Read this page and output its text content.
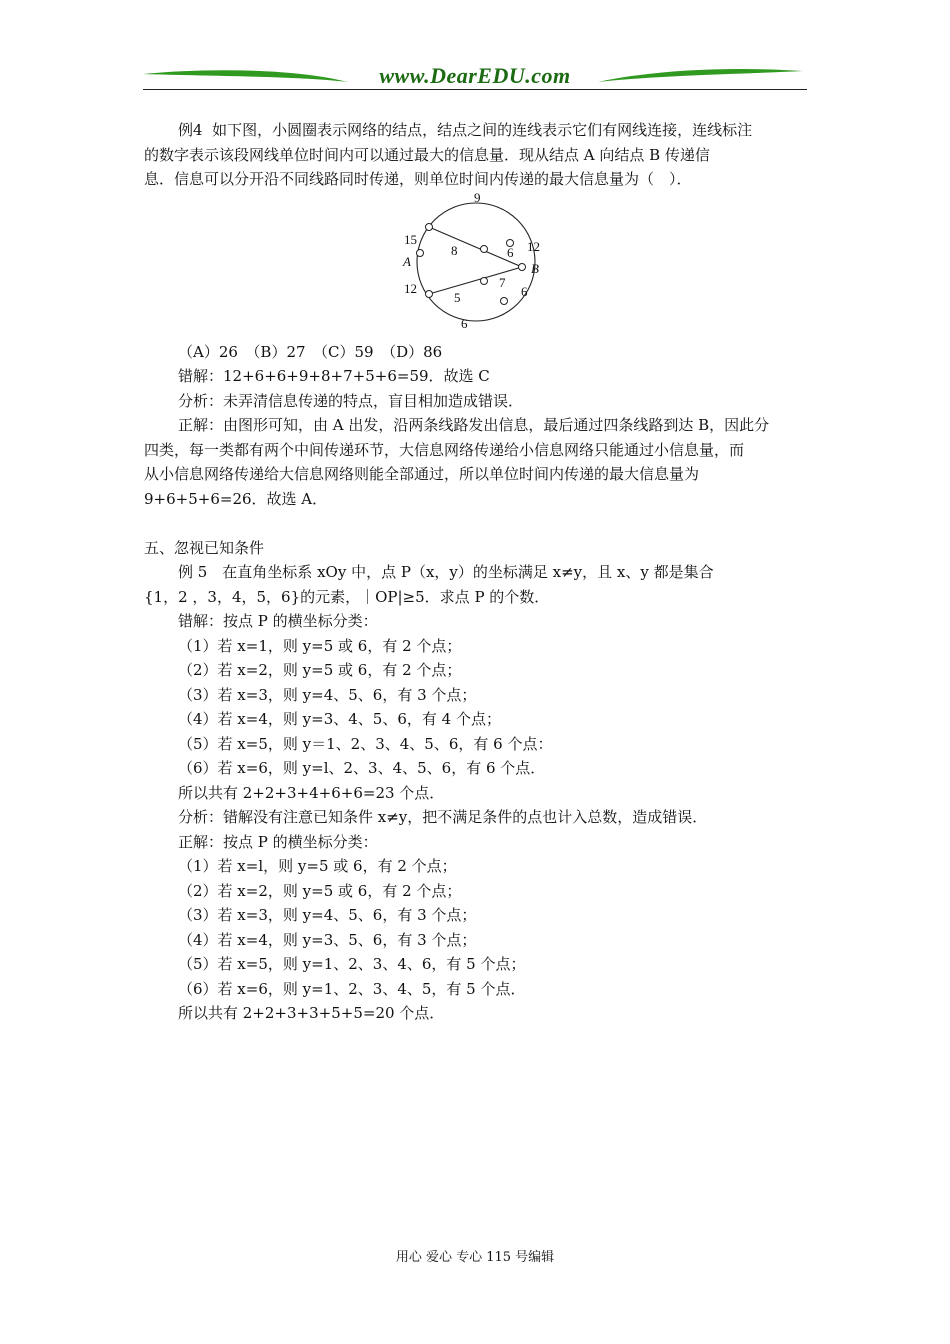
www.DearEDU.com

例4  如下图，小圆圈表示网络的结点，结点之间的连线表示它们有网线连接，连线标注

的数字表示该段网线单位时间内可以通过最大的信息量．现从结点 A 向结点 B 传递信

息．信息可以分开沿不同线路同时传递，则单位时间内传递的最大信息量为（　）．

（A）26　（B）27　（C）59　（D）86

错解：12+6+6+9+8+7+5+6=59．故选 C

分析：未弄清信息传递的特点，盲目相加造成错误．

正解：由图形可知，由 A 出发，沿两条线路发出信息，最后通过四条线路到达 B，因此分

四类，每一类都有两个中间传递环节，大信息网络传递给小信息网络只能通过小信息量，而

从小信息网络传递给大信息网络则能全部通过，所以单位时间内传递的最大信息量为

9+6+5+6=26．故选 A．

五、忽视已知条件

例 5　在直角坐标系 xOy 中，点 P（x，y）的坐标满足 x≠y，且 x、y 都是集合

{1，2 ，3，4，5，6}的元素，｜OP|≥5．求点 P 的个数．

错解：按点 P 的横坐标分类：

（1）若 x=1，则 y=5 或 6，有 2 个点；

（2）若 x=2，则 y=5 或 6，有 2 个点；

（3）若 x=3，则 y=4、5、6，有 3 个点；

（4）若 x=4，则 y=3、4、5、6，有 4 个点；

（5）若 x=5，则 y＝1、2、3、4、5、6，有 6 个点：

（6）若 x=6，则 y=l、2、3、4、5、6，有 6 个点．

所以共有 2+2+3+4+6+6=23 个点．

分析：错解没有注意已知条件 x≠y，把不满足条件的点也计入总数，造成错误．

正解：按点 P 的横坐标分类：

（1）若 x=l，则 y=5 或 6，有 2 个点；

（2）若 x=2，则 y=5 或 6，有 2 个点；

（3）若 x=3，则 y=4、5、6，有 3 个点；

（4）若 x=4，则 y=3、5、6，有 3 个点；

（5）若 x=5，则 y=1、2、3、4、6，有 5 个点；

（6）若 x=6，则 y=1、2、3、4、5，有 5 个点．

所以共有 2+2+3+3+5+5=20 个点．

9
15
A
12
6
12
B
6
8	6
7
5
用心 爱心 专心 115 号编辑
